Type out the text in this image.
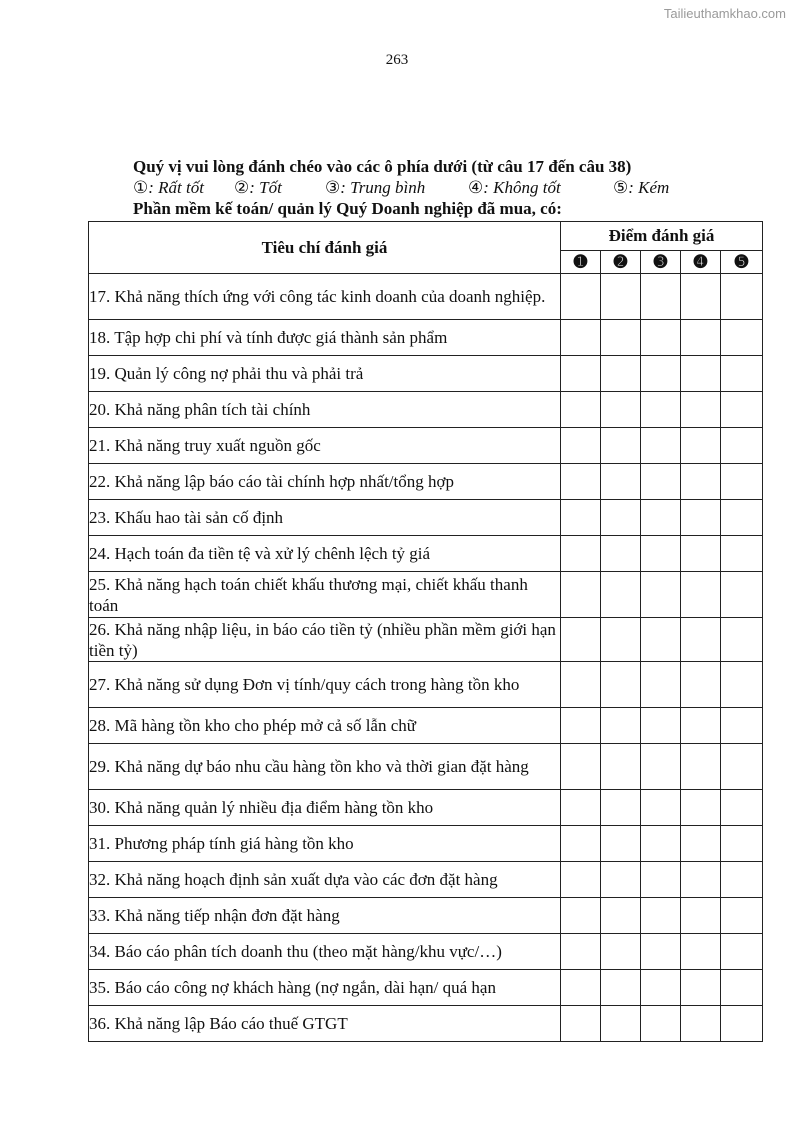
Tailieuthamkhao.com
263
Quý vị vui lòng đánh chéo vào các ô phía dưới (từ câu 17 đến câu 38)
①: Rất tốt ②: Tốt	③: Trung bình	④: Không tốt	⑤: Kém
Phần mềm kế toán/ quản lý Quý Doanh nghiệp đã mua, có:
Tiêu chí đánh giá	Điểm đánh giá				
	➊	➋	➌	➍	➎
17. Khả năng thích ứng với công tác kinh doanh của doanh nghiệp.					
18. Tập hợp chi phí và tính được giá thành sản phẩm					
19. Quản lý công nợ phải thu và phải trả					
20. Khả năng phân tích tài chính					
21. Khả năng truy xuất nguồn gốc					
22. Khả năng lập báo cáo tài chính hợp nhất/tổng hợp					
23. Khấu hao tài sản cố định					
24. Hạch toán đa tiền tệ và xử lý chênh lệch tỷ giá					
25. Khả năng hạch toán chiết khấu thương mại, chiết khấu thanh toán					
26. Khả năng nhập liệu, in báo cáo tiền tỷ (nhiều phần mềm giới hạn tiền tỷ)					
27. Khả năng sử dụng Đơn vị tính/quy cách trong hàng tồn kho					
28. Mã hàng tồn kho cho phép mở cả số lẫn chữ					
29. Khả năng dự báo nhu cầu hàng tồn kho và thời gian đặt hàng					
30. Khả năng quản lý nhiều địa điểm hàng tồn kho					
31. Phương pháp tính giá hàng tồn kho					
32. Khả năng hoạch định sản xuất dựa vào các đơn đặt hàng					
33. Khả năng tiếp nhận đơn đặt hàng					
34. Báo cáo phân tích doanh thu (theo mặt hàng/khu vực/…)					
35. Báo cáo công nợ khách hàng (nợ ngắn, dài hạn/ quá hạn					
36. Khả năng lập Báo cáo thuế GTGT					
